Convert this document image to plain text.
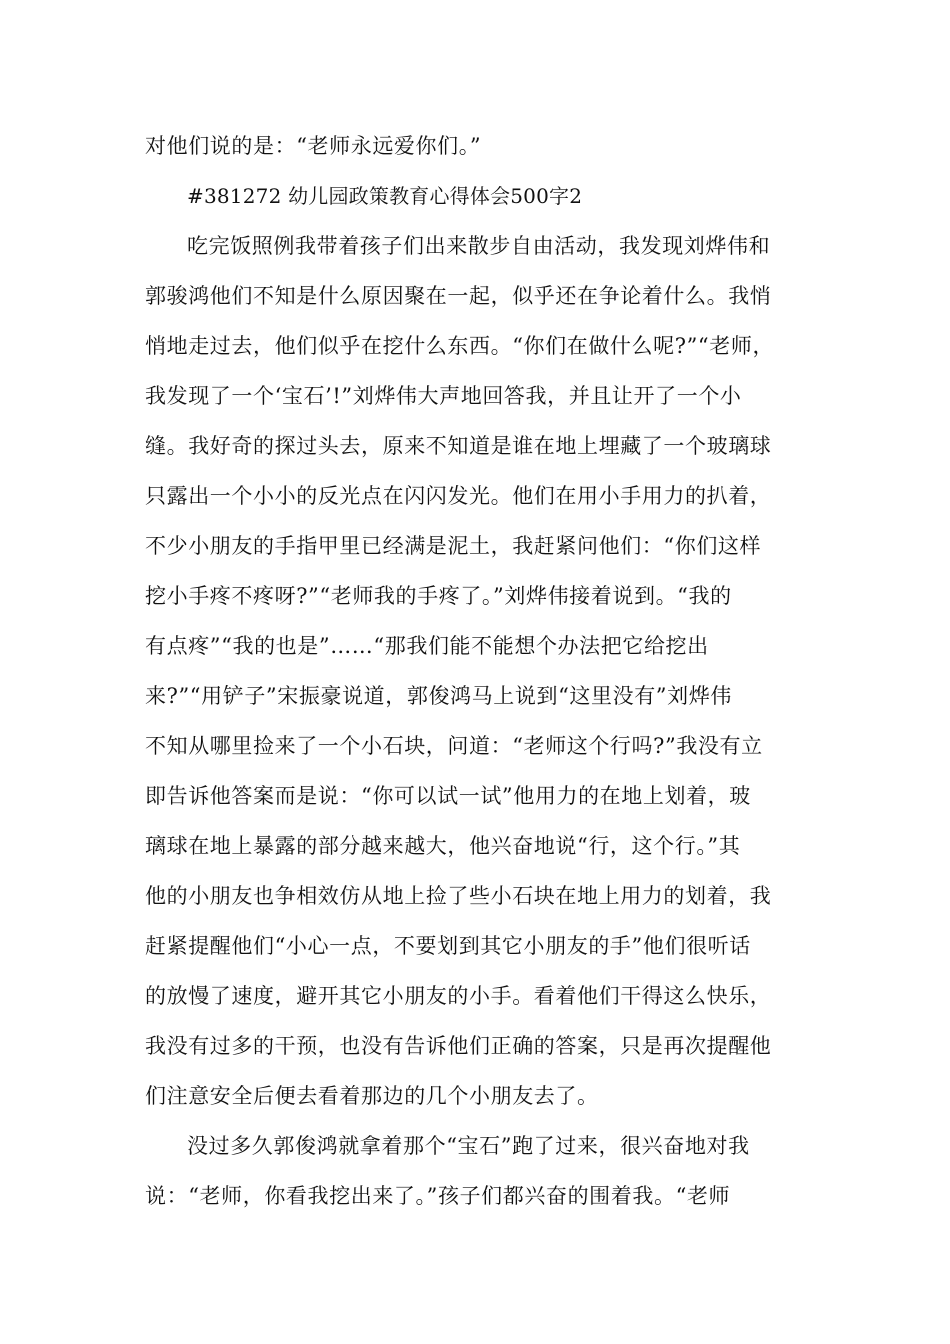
对他们说的是：“老师永远爱你们。”
#381272 幼儿园政策教育心得体会500字2
吃完饭照例我带着孩子们出来散步自由活动，我发现刘烨伟和
郭骏鸿他们不知是什么原因聚在一起，似乎还在争论着什么。我悄
悄地走过去，他们似乎在挖什么东西。“你们在做什么呢?”“老师，
我发现了一个‘宝石’!”刘烨伟大声地回答我，并且让开了一个小
缝。我好奇的探过头去，原来不知道是谁在地上埋藏了一个玻璃球
只露出一个小小的反光点在闪闪发光。他们在用小手用力的扒着，
不少小朋友的手指甲里已经满是泥土，我赶紧问他们：“你们这样
挖小手疼不疼呀?”“老师我的手疼了。”刘烨伟接着说到。“我的
有点疼”“我的也是”……“那我们能不能想个办法把它给挖出
来?”“用铲子”宋振豪说道，郭俊鸿马上说到“这里没有”刘烨伟
不知从哪里捡来了一个小石块，问道：“老师这个行吗?”我没有立
即告诉他答案而是说：“你可以试一试”他用力的在地上划着，玻
璃球在地上暴露的部分越来越大，他兴奋地说“行，这个行。”其
他的小朋友也争相效仿从地上捡了些小石块在地上用力的划着，我
赶紧提醒他们“小心一点，不要划到其它小朋友的手”他们很听话
的放慢了速度，避开其它小朋友的小手。看着他们干得这么快乐，
我没有过多的干预，也没有告诉他们正确的答案，只是再次提醒他
们注意安全后便去看着那边的几个小朋友去了。
没过多久郭俊鸿就拿着那个“宝石”跑了过来，很兴奋地对我
说：“老师，你看我挖出来了。”孩子们都兴奋的围着我。“老师
